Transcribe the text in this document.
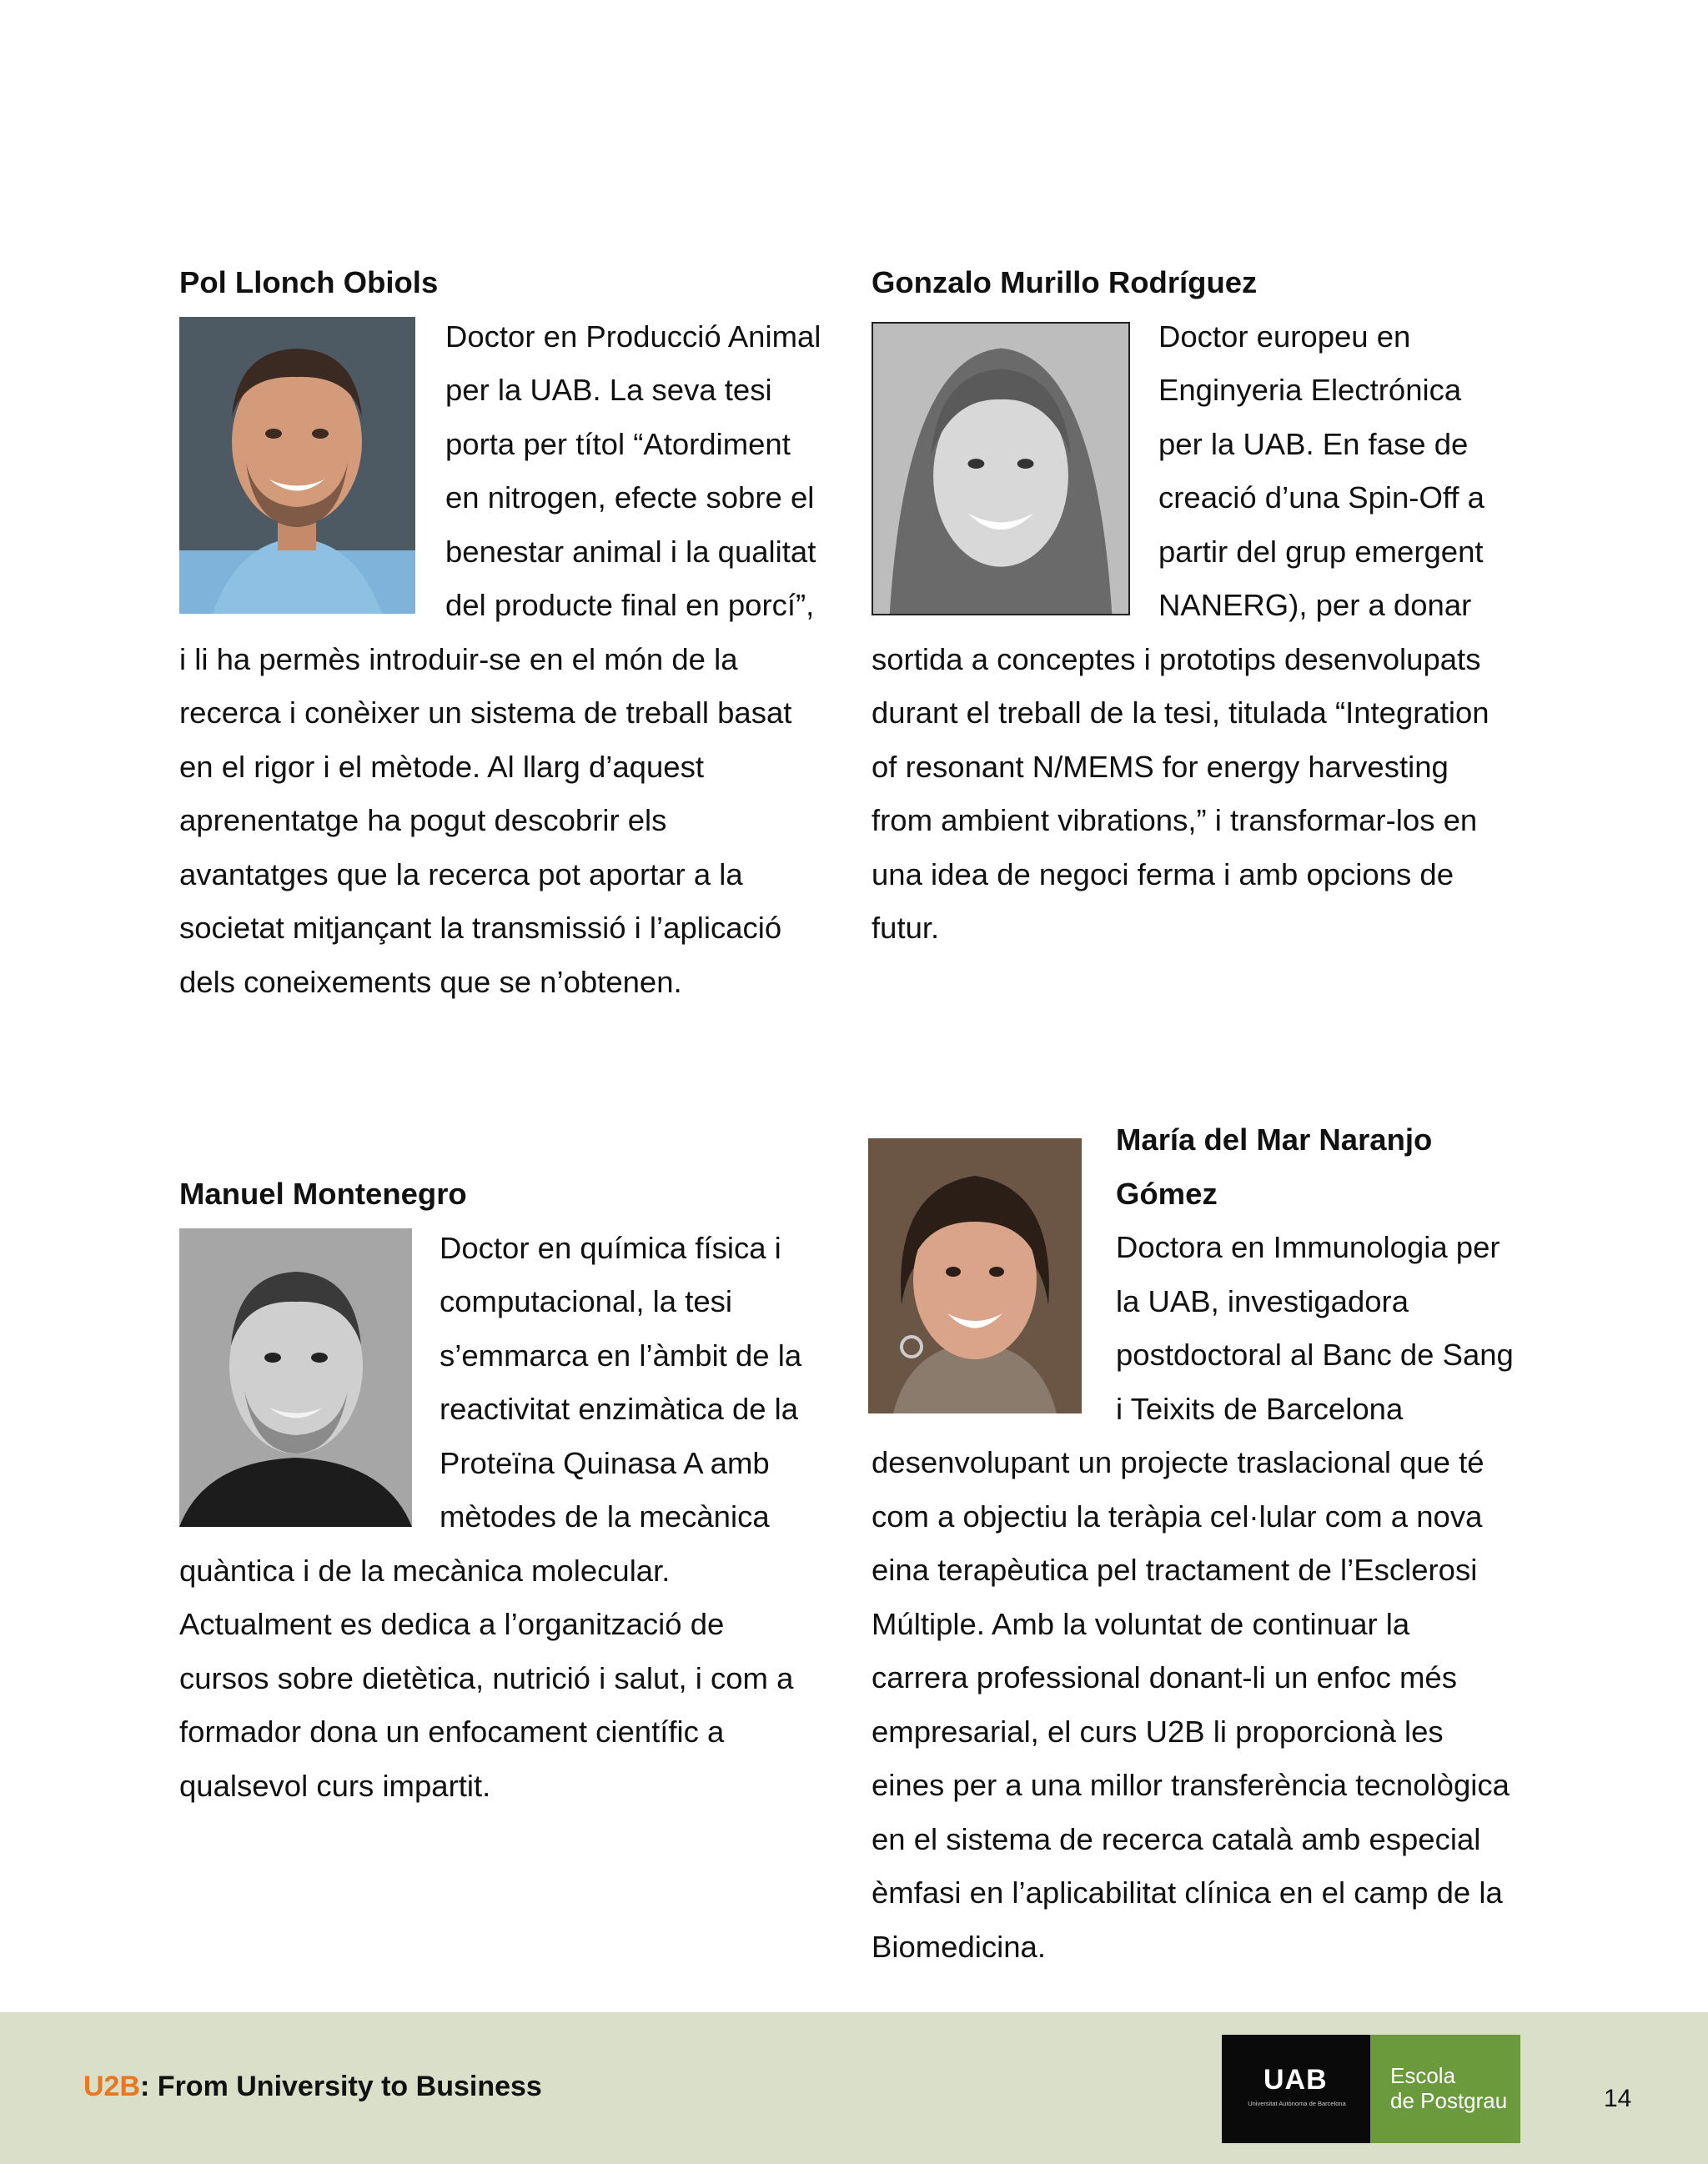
Pol Llonch Obiols

Doctor en Producció Animal per la UAB. La seva tesi porta per títol “Atordiment en nitrogen, efecte sobre el benestar animal i la qualitat del producte final en porcí”, i li ha permès introduir-se en el món de la recerca i conèixer un sistema de treball basat en el rigor i el mètode. Al llarg d’aquest aprenentatge ha pogut descobrir els avantatges que la recerca pot aportar a la societat mitjançant la transmissió i l’aplicació dels coneixements que se n’obtenen.

Gonzalo Murillo Rodríguez

Doctor europeu en Enginyeria Electrónica per la UAB. En fase de creació d’una Spin-Off a partir del grup emergent NANERG), per a donar sortida a conceptes i prototips desenvolupats durant el treball de la tesi, titulada “Integration of resonant N/MEMS for energy harvesting from ambient vibrations,” i transformar-los en una idea de negoci ferma i amb opcions de futur.

Manuel Montenegro

Doctor en química física i computacional, la tesi s’emmarca en l’àmbit de la reactivitat enzimàtica de la Proteïna Quinasa A amb mètodes de la mecànica quàntica i de la mecànica molecular. Actualment es dedica a l’organització de cursos sobre dietètica, nutrició i salut, i com a formador dona un enfocament científic a qualsevol curs impartit.

María del Mar Naranjo Gómez

Doctora en Immunologia per la UAB, investigadora postdoctoral al Banc de Sang i Teixits de Barcelona

desenvolupant un projecte traslacional que té com a objectiu la teràpia cel·lular com a nova eina terapèutica pel tractament de l’Esclerosi Múltiple. Amb la voluntat de continuar la carrera professional donant-li un enfoc més empresarial, el curs U2B li proporcionà les eines per a una millor transferència tecnològica en el sistema de recerca català amb especial èmfasi en l’aplicabilitat clínica en el camp de la Biomedicina.

U2B: From University to Business	UAB
Universitat Autònoma de Barcelona
Escola
de Postgrau	14
